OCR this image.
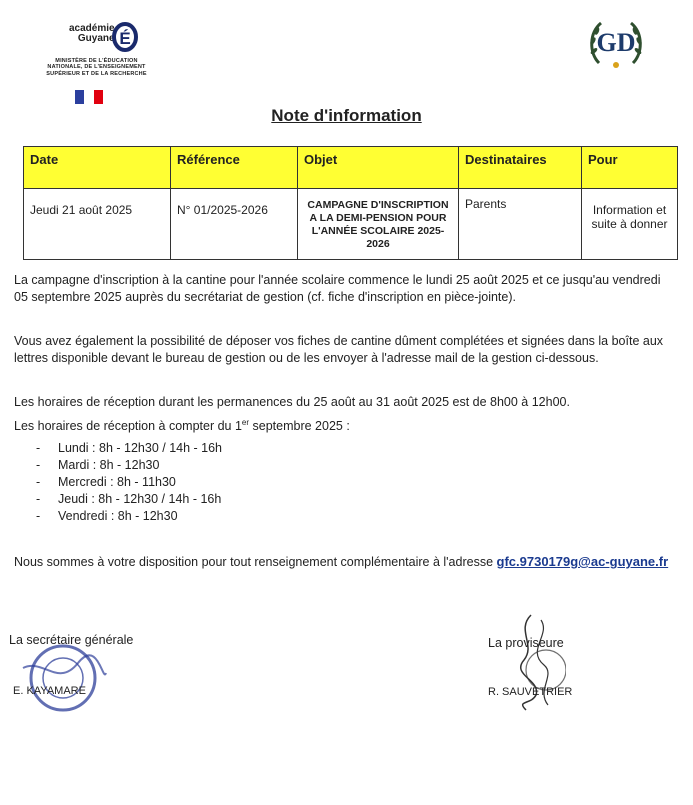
académie
Guyane É
MINISTÈRE DE L'ÉDUCATION NATIONALE, DE L'ENSEIGNEMENT SUPÉRIEUR ET DE LA RECHERCHE
GD
Note d'information
Date	Référence	Objet	Destinataires	Pour
Jeudi 21 août 2025	N° 01/2025-2026	CAMPAGNE D'INSCRIPTION A LA DEMI-PENSION POUR L'ANNÉE SCOLAIRE 2025-2026	Parents	Information et suite à donner
La campagne d'inscription à la cantine pour l'année scolaire commence le lundi 25 août 2025 et ce jusqu'au vendredi 05 septembre 2025 auprès du secrétariat de gestion (cf. fiche d'inscription en pièce-jointe).
Vous avez également la possibilité de déposer vos fiches de cantine dûment complétées et signées dans la boîte aux lettres disponible devant le bureau de gestion ou de les envoyer à l'adresse mail de la gestion ci-dessous.
Les horaires de réception durant les permanences du 25 août au 31 août 2025 est de 8h00 à 12h00.
Les horaires de réception à compter du 1er septembre 2025 :
-	Lundi : 8h - 12h30 / 14h - 16h
-	Mardi : 8h - 12h30
-	Mercredi : 8h - 11h30
-	Jeudi : 8h - 12h30 / 14h - 16h
-	Vendredi : 8h - 12h30
Nous sommes à votre disposition pour tout renseignement complémentaire à l'adresse gfc.9730179g@ac-guyane.fr
La secrétaire générale
E. KAYAMARE
La proviseure
R. SAUVETRIER
